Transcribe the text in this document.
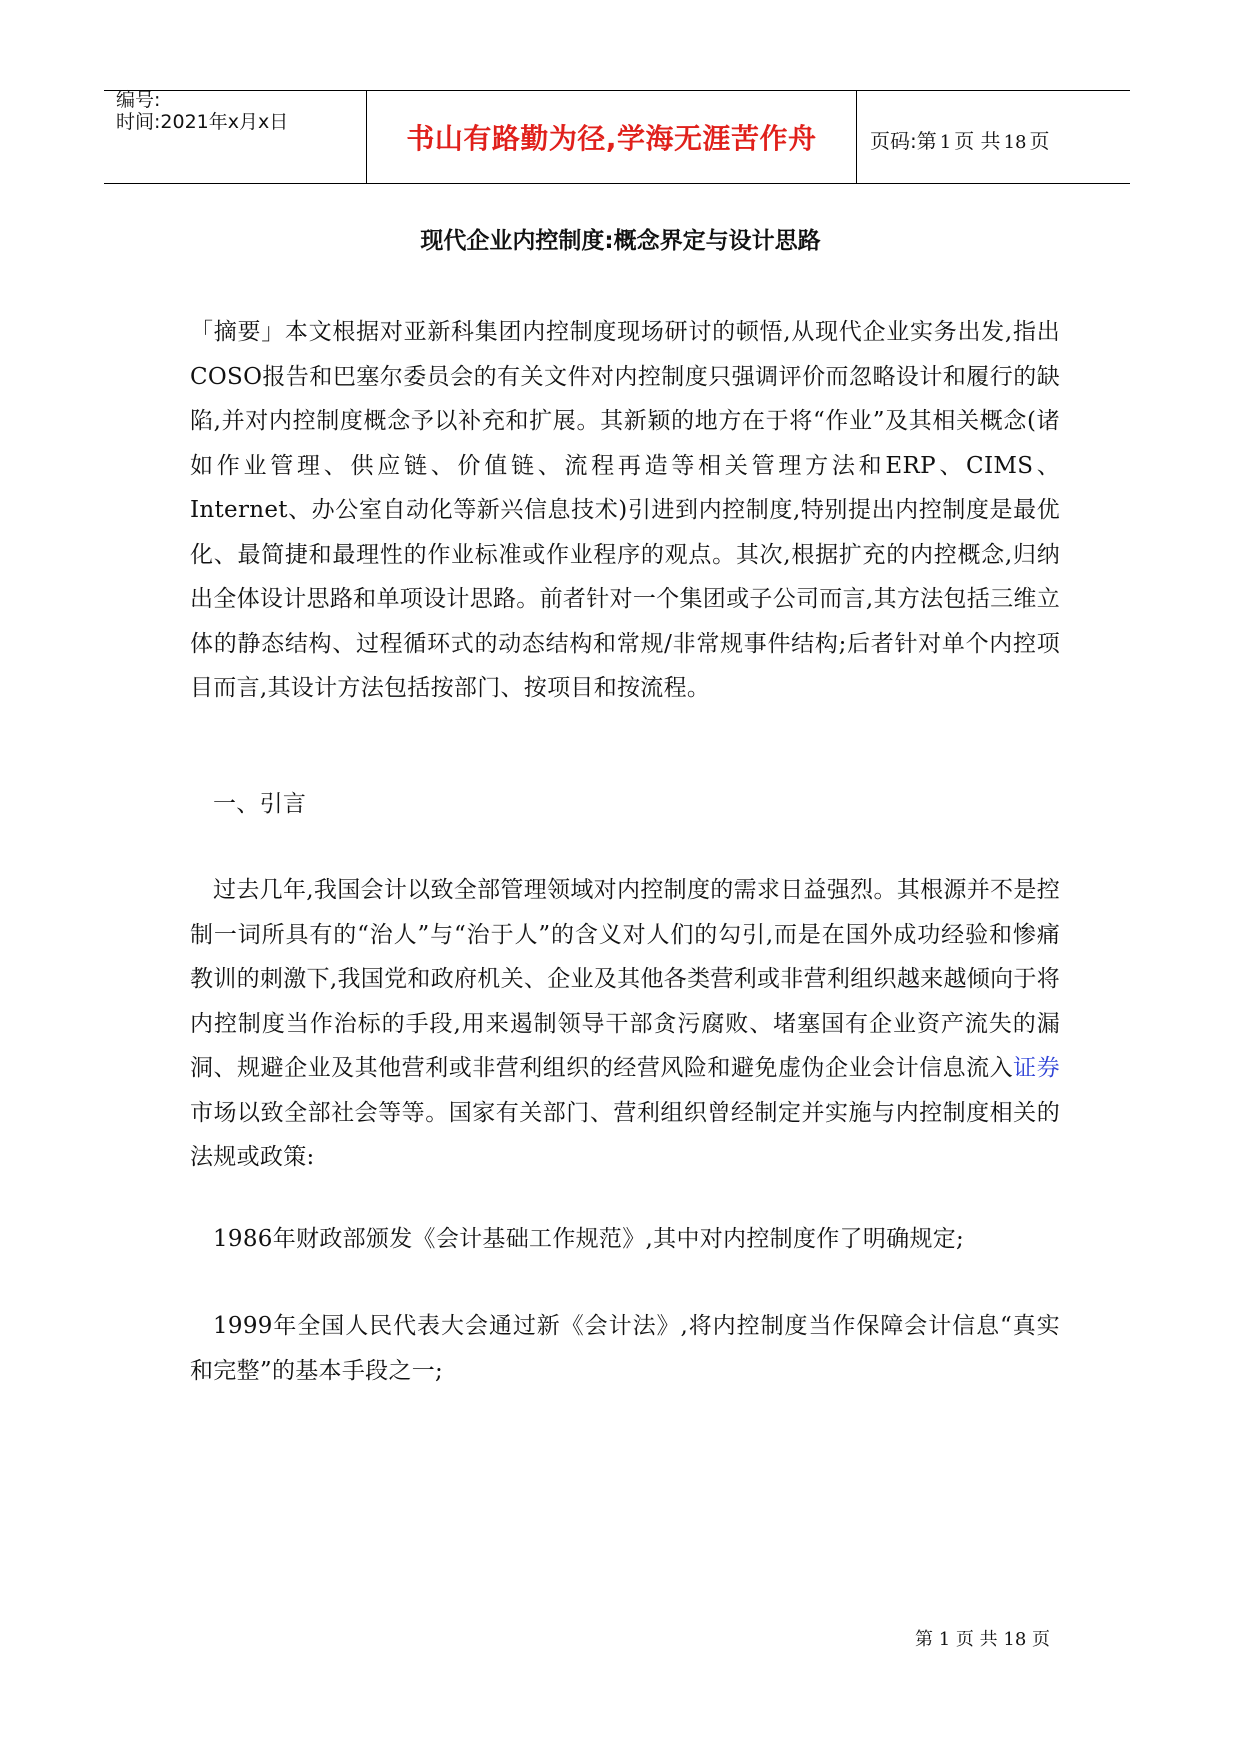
编号:
时间:2021年x月x日	书山有路勤为径,学海无涯苦作舟	页码:第 1 页 共 18 页
现代企业内控制度:概念界定与设计思路

「摘要」本文根据对亚新科集团内控制度现场研讨的顿悟,从现代企业实务出发,指出COSO报告和巴塞尔委员会的有关文件对内控制度只强调评价而忽略设计和履行的缺陷,并对内控制度概念予以补充和扩展。其新颖的地方在于将“作业”及其相关概念(诸如作业管理、供应链、价值链、流程再造等相关管理方法和ERP、CIMS、Internet、办公室自动化等新兴信息技术)引进到内控制度,特别提出内控制度是最优化、最简捷和最理性的作业标准或作业程序的观点。其次,根据扩充的内控概念,归纳出全体设计思路和单项设计思路。前者针对一个集团或子公司而言,其方法包括三维立体的静态结构、过程循环式的动态结构和常规/非常规事件结构;后者针对单个内控项目而言,其设计方法包括按部门、按项目和按流程。

一、引言

过去几年,我国会计以致全部管理领域对内控制度的需求日益强烈。其根源并不是控制一词所具有的“治人”与“治于人”的含义对人们的勾引,而是在国外成功经验和惨痛教训的刺激下,我国党和政府机关、企业及其他各类营利或非营利组织越来越倾向于将内控制度当作治标的手段,用来遏制领导干部贪污腐败、堵塞国有企业资产流失的漏洞、规避企业及其他营利或非营利组织的经营风险和避免虚伪企业会计信息流入证券市场以致全部社会等等。国家有关部门、营利组织曾经制定并实施与内控制度相关的法规或政策:

1986年财政部颁发《会计基础工作规范》,其中对内控制度作了明确规定;

1999年全国人民代表大会通过新《会计法》,将内控制度当作保障会计信息“真实和完整”的基本手段之一;

第 1 页 共 18 页
